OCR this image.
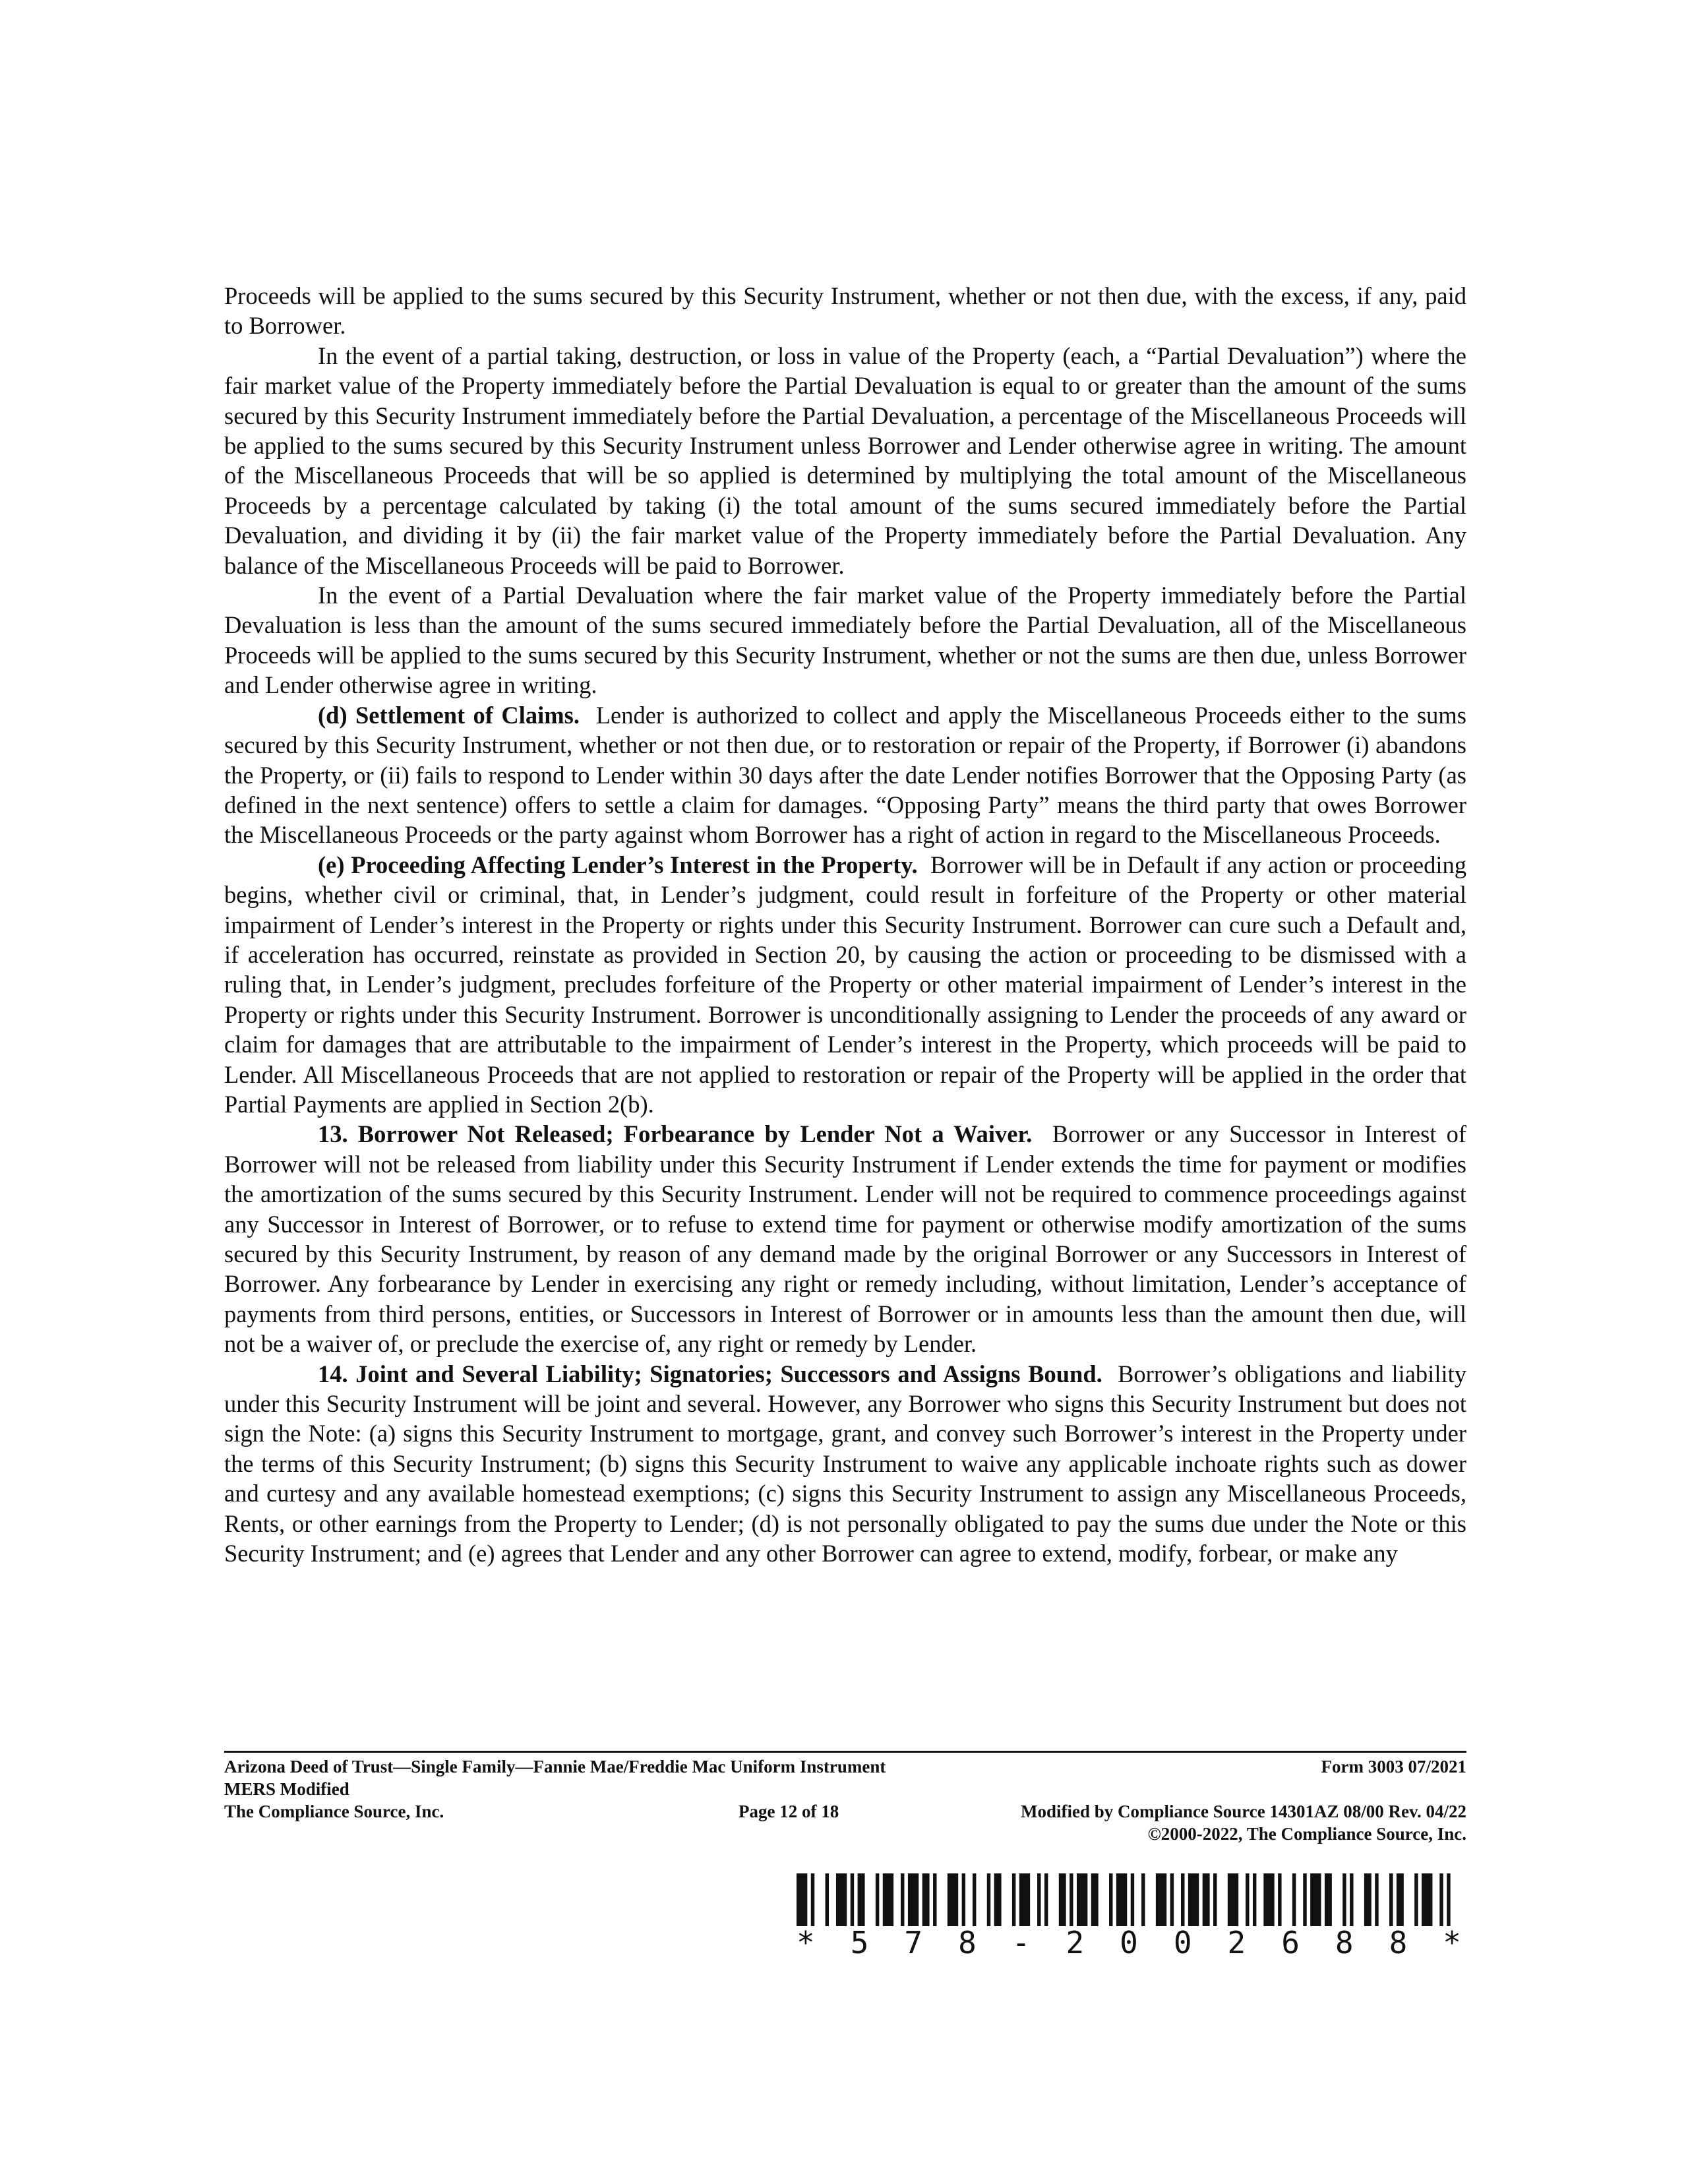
Proceeds will be applied to the sums secured by this Security Instrument, whether or not then due, with the excess, if any, paid to Borrower.

In the event of a partial taking, destruction, or loss in value of the Property (each, a “Partial Devaluation”) where the fair market value of the Property immediately before the Partial Devaluation is equal to or greater than the amount of the sums secured by this Security Instrument immediately before the Partial Devaluation, a percentage of the Miscellaneous Proceeds will be applied to the sums secured by this Security Instrument unless Borrower and Lender otherwise agree in writing. The amount of the Miscellaneous Proceeds that will be so applied is determined by multiplying the total amount of the Miscellaneous Proceeds by a percentage calculated by taking (i) the total amount of the sums secured immediately before the Partial Devaluation, and dividing it by (ii) the fair market value of the Property immediately before the Partial Devaluation. Any balance of the Miscellaneous Proceeds will be paid to Borrower.

In the event of a Partial Devaluation where the fair market value of the Property immediately before the Partial Devaluation is less than the amount of the sums secured immediately before the Partial Devaluation, all of the Miscellaneous Proceeds will be applied to the sums secured by this Security Instrument, whether or not the sums are then due, unless Borrower and Lender otherwise agree in writing.

(d) Settlement of Claims. Lender is authorized to collect and apply the Miscellaneous Proceeds either to the sums secured by this Security Instrument, whether or not then due, or to restoration or repair of the Property, if Borrower (i) abandons the Property, or (ii) fails to respond to Lender within 30 days after the date Lender notifies Borrower that the Opposing Party (as defined in the next sentence) offers to settle a claim for damages. “Opposing Party” means the third party that owes Borrower the Miscellaneous Proceeds or the party against whom Borrower has a right of action in regard to the Miscellaneous Proceeds.

(e) Proceeding Affecting Lender’s Interest in the Property. Borrower will be in Default if any action or proceeding begins, whether civil or criminal, that, in Lender’s judgment, could result in forfeiture of the Property or other material impairment of Lender’s interest in the Property or rights under this Security Instrument. Borrower can cure such a Default and, if acceleration has occurred, reinstate as provided in Section 20, by causing the action or proceeding to be dismissed with a ruling that, in Lender’s judgment, precludes forfeiture of the Property or other material impairment of Lender’s interest in the Property or rights under this Security Instrument. Borrower is unconditionally assigning to Lender the proceeds of any award or claim for damages that are attributable to the impairment of Lender’s interest in the Property, which proceeds will be paid to Lender. All Miscellaneous Proceeds that are not applied to restoration or repair of the Property will be applied in the order that Partial Payments are applied in Section 2(b).

13. Borrower Not Released; Forbearance by Lender Not a Waiver. Borrower or any Successor in Interest of Borrower will not be released from liability under this Security Instrument if Lender extends the time for payment or modifies the amortization of the sums secured by this Security Instrument. Lender will not be required to commence proceedings against any Successor in Interest of Borrower, or to refuse to extend time for payment or otherwise modify amortization of the sums secured by this Security Instrument, by reason of any demand made by the original Borrower or any Successors in Interest of Borrower. Any forbearance by Lender in exercising any right or remedy including, without limitation, Lender’s acceptance of payments from third persons, entities, or Successors in Interest of Borrower or in amounts less than the amount then due, will not be a waiver of, or preclude the exercise of, any right or remedy by Lender.

14. Joint and Several Liability; Signatories; Successors and Assigns Bound. Borrower’s obligations and liability under this Security Instrument will be joint and several. However, any Borrower who signs this Security Instrument but does not sign the Note: (a) signs this Security Instrument to mortgage, grant, and convey such Borrower’s interest in the Property under the terms of this Security Instrument; (b) signs this Security Instrument to waive any applicable inchoate rights such as dower and curtesy and any available homestead exemptions; (c) signs this Security Instrument to assign any Miscellaneous Proceeds, Rents, or other earnings from the Property to Lender; (d) is not personally obligated to pay the sums due under the Note or this Security Instrument; and (e) agrees that Lender and any other Borrower can agree to extend, modify, forbear, or make any

Arizona Deed of Trust—Single Family—Fannie Mae/Freddie Mac Uniform Instrument	Form 3003 07/2021
MERS Modified
The Compliance Source, Inc.	Page 12 of 18	Modified by Compliance Source 14301AZ 08/00 Rev. 04/22
©2000-2022, The Compliance Source, Inc.
* 5 7 8 - 2 0 0 2 6 8 8 *
